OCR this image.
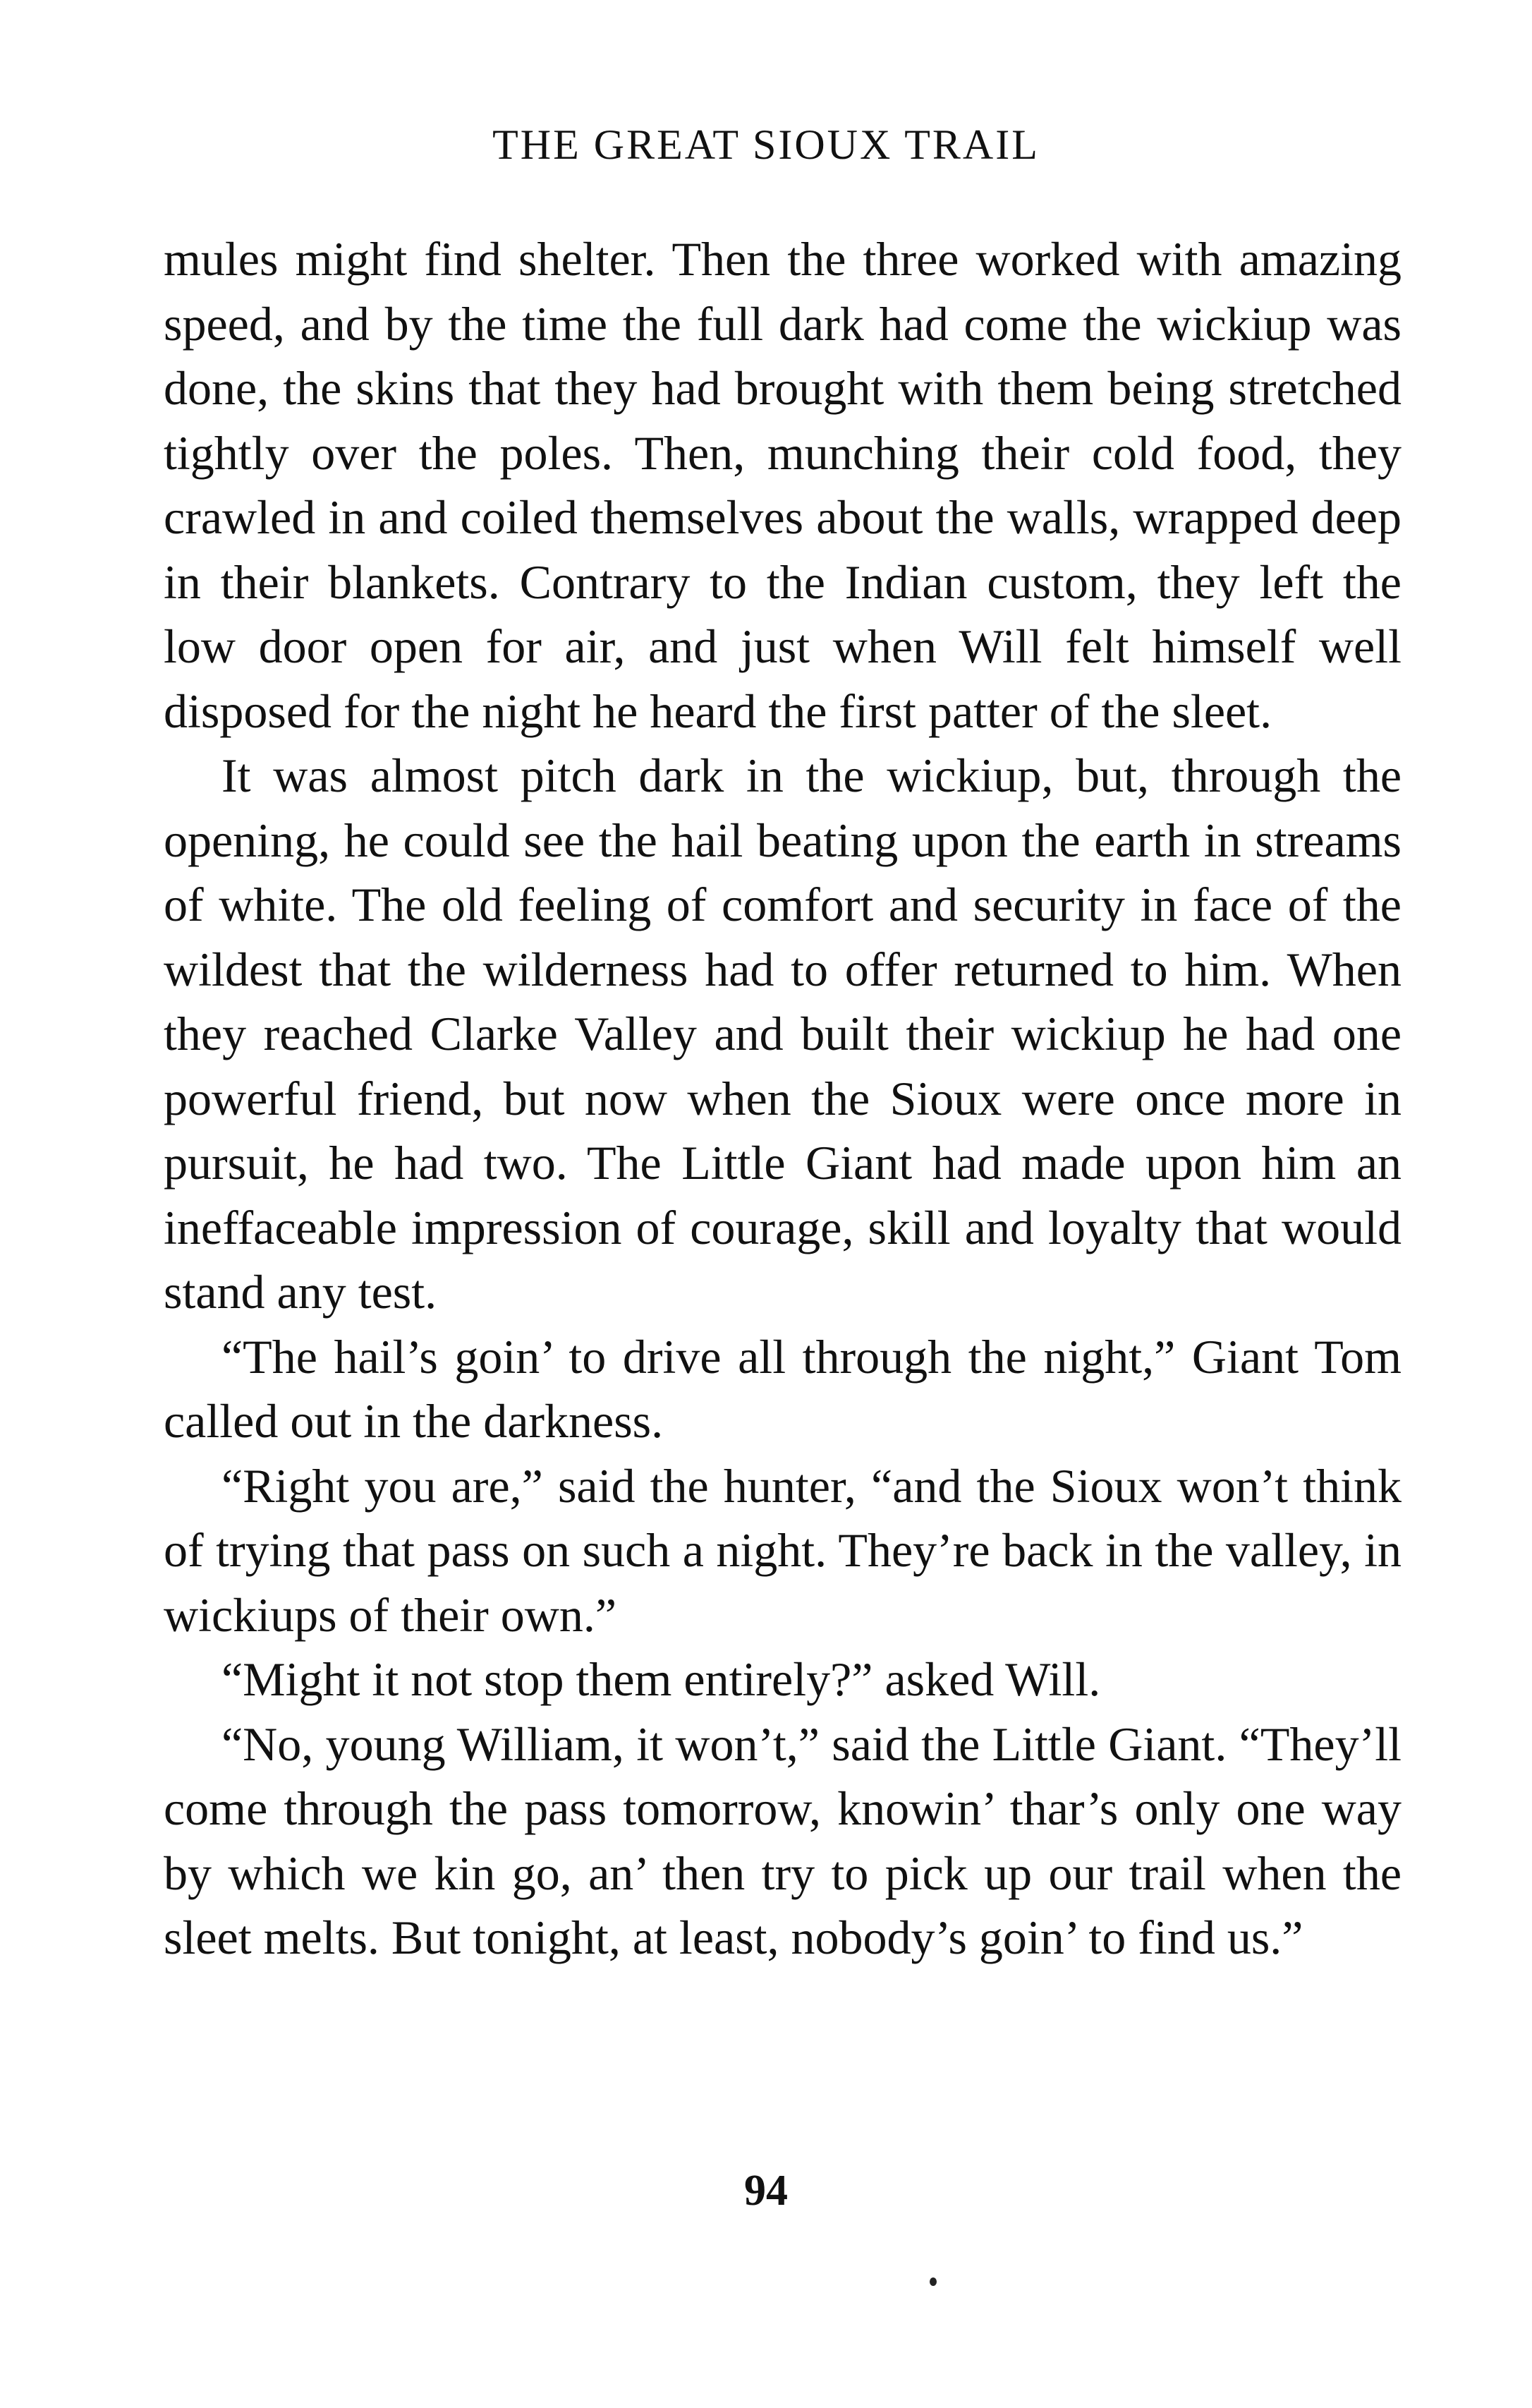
THE GREAT SIOUX TRAIL

mules might find shelter. Then the three worked with amazing speed, and by the time the full dark had come the wickiup was done, the skins that they had brought with them being stretched tightly over the poles. Then, munching their cold food, they crawled in and coiled themselves about the walls, wrapped deep in their blankets. Contrary to the Indian custom, they left the low door open for air, and just when Will felt himself well disposed for the night he heard the first patter of the sleet.

It was almost pitch dark in the wickiup, but, through the opening, he could see the hail beating upon the earth in streams of white. The old feeling of comfort and security in face of the wildest that the wilderness had to offer returned to him. When they reached Clarke Valley and built their wickiup he had one powerful friend, but now when the Sioux were once more in pursuit, he had two. The Little Giant had made upon him an ineffaceable impression of courage, skill and loyalty that would stand any test.

“The hail’s goin’ to drive all through the night,” Giant Tom called out in the darkness.

“Right you are,” said the hunter, “and the Sioux won’t think of trying that pass on such a night. They’re back in the valley, in wickiups of their own.”

“Might it not stop them entirely?” asked Will.

“No, young William, it won’t,” said the Little Giant. “They’ll come through the pass tomorrow, knowin’ thar’s only one way by which we kin go, an’ then try to pick up our trail when the sleet melts. But tonight, at least, nobody’s goin’ to find us.”

94
